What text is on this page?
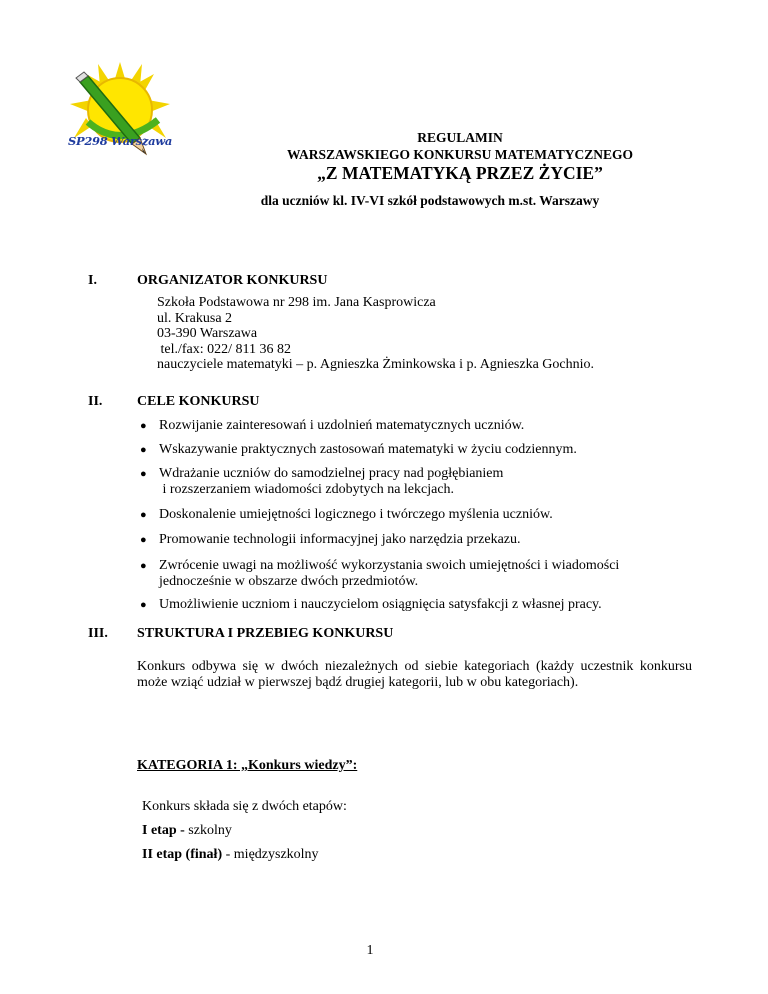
SP298 Warszawa	REGULAMIN
WARSZAWSKIEGO KONKURSU MATEMATYCZNEGO
„Z MATEMATYKĄ PRZEZ ŻYCIE”
dla uczniów kl. IV-VI szkół podstawowych m.st. Warszawy
I.	ORGANIZATOR KONKURSU
Szkoła Podstawowa nr 298 im. Jana Kasprowicza
ul. Krakusa 2
03-390 Warszawa
tel./fax: 022/ 811 36 82
nauczyciele matematyki – p. Agnieszka Żminkowska i p. Agnieszka Gochnio.
II. CELE KONKURSU
● Rozwijanie zainteresowań i uzdolnień matematycznych uczniów.
● Wskazywanie praktycznych zastosowań matematyki w życiu codziennym.
● Wdrażanie uczniów do samodzielnej pracy nad pogłębianiem
i rozszerzaniem wiadomości zdobytych na lekcjach.
● Doskonalenie umiejętności logicznego i twórczego myślenia uczniów.
● Promowanie technologii informacyjnej jako narzędzia przekazu.
● Zwrócenie uwagi na możliwość wykorzystania swoich umiejętności i wiadomości
jednocześnie w obszarze dwóch przedmiotów.
● Umożliwienie uczniom i nauczycielom osiągnięcia satysfakcji z własnej pracy.
III. STRUKTURA I PRZEBIEG KONKURSU
Konkurs odbywa się w dwóch niezależnych od siebie kategoriach (każdy uczestnik konkursu może wziąć udział w pierwszej bądź drugiej kategorii, lub w obu kategoriach).
KATEGORIA 1: „Konkurs wiedzy”:
Konkurs składa się z dwóch etapów:
I etap - szkolny
II etap (finał) - międzyszkolny
1
